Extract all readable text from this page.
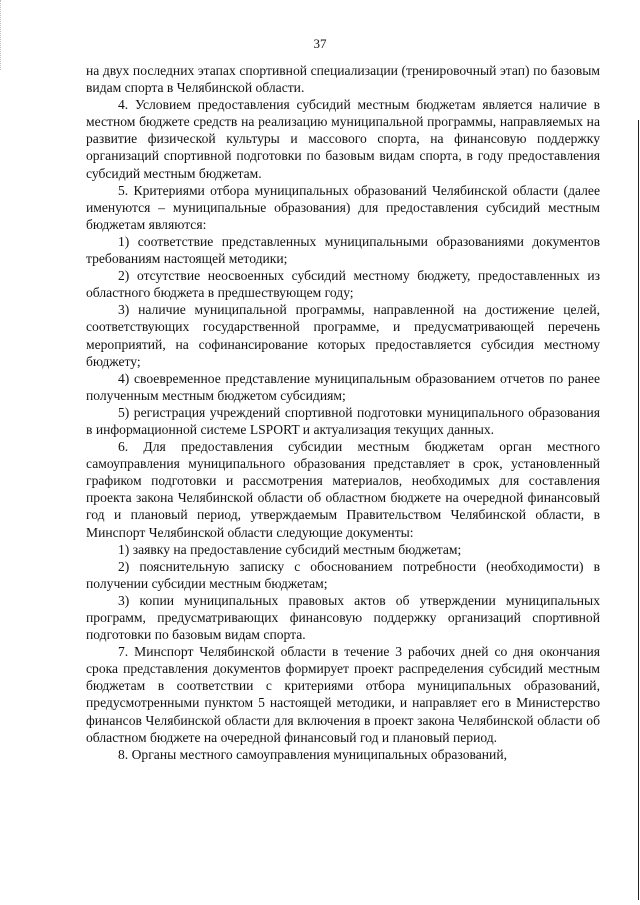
37

на двух последних этапах спортивной специализации (тренировочный этап) по базовым видам спорта в Челябинской области.

4. Условием предоставления субсидий местным бюджетам является наличие в местном бюджете средств на реализацию муниципальной программы, направляемых на развитие физической культуры и массового спорта, на финансовую поддержку организаций спортивной подготовки по базовым видам спорта, в году предоставления субсидий местным бюджетам.

5. Критериями отбора муниципальных образований Челябинской области (далее именуются – муниципальные образования) для предоставления субсидий местным бюджетам являются:

1) соответствие представленных муниципальными образованиями документов требованиям настоящей методики;

2) отсутствие неосвоенных субсидий местному бюджету, предоставленных из областного бюджета в предшествующем году;

3) наличие муниципальной программы, направленной на достижение целей, соответствующих государственной программе, и предусматривающей перечень мероприятий, на софинансирование которых предоставляется субсидия местному бюджету;

4) своевременное представление муниципальным образованием отчетов по ранее полученным местным бюджетом субсидиям;

5) регистрация учреждений спортивной подготовки муниципального образования в информационной системе LSPORT и актуализация текущих данных.

6. Для предоставления субсидии местным бюджетам орган местного самоуправления муниципального образования представляет в срок, установленный графиком подготовки и рассмотрения материалов, необходимых для составления проекта закона Челябинской области об областном бюджете на очередной финансовый год и плановый период, утверждаемым Правительством Челябинской области, в Минспорт Челябинской области следующие документы:

1) заявку на предоставление субсидий местным бюджетам;

2) пояснительную записку с обоснованием потребности (необходимости) в получении субсидии местным бюджетам;

3) копии муниципальных правовых актов об утверждении муниципальных программ, предусматривающих финансовую поддержку организаций спортивной подготовки по базовым видам спорта.

7. Минспорт Челябинской области в течение 3 рабочих дней со дня окончания срока представления документов формирует проект распределения субсидий местным бюджетам в соответствии с критериями отбора муниципальных образований, предусмотренными пунктом 5 настоящей методики, и направляет его в Министерство финансов Челябинской области для включения в проект закона Челябинской области об областном бюджете на очередной финансовый год и плановый период.

8. Органы местного самоуправления муниципальных образований,
